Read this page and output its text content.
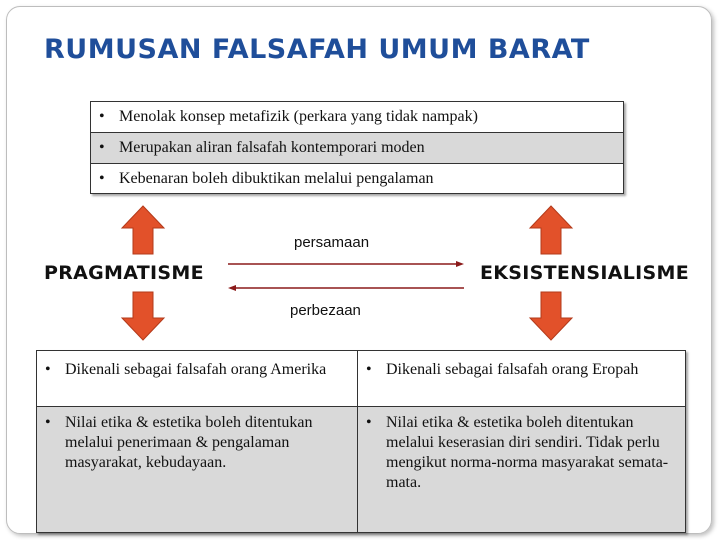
RUMUSAN FALSAFAH UMUM BARAT
• Menolak konsep metafizik (perkara yang tidak nampak)
• Merupakan aliran falsafah kontemporari moden
• Kebenaran boleh dibuktikan melalui pengalaman
PRAGMATISME	EKSISTENSIALISME
persamaan
perbezaan
• Dikenali sebagai falsafah orang Amerika	• Dikenali sebagai falsafah orang Eropah
• Nilai etika & estetika boleh ditentukan melalui penerimaan & pengalaman masyarakat, kebudayaan.
• Nilai etika & estetika boleh ditentukan melalui keserasian diri sendiri. Tidak perlu mengikut norma-norma masyarakat semata-mata.
